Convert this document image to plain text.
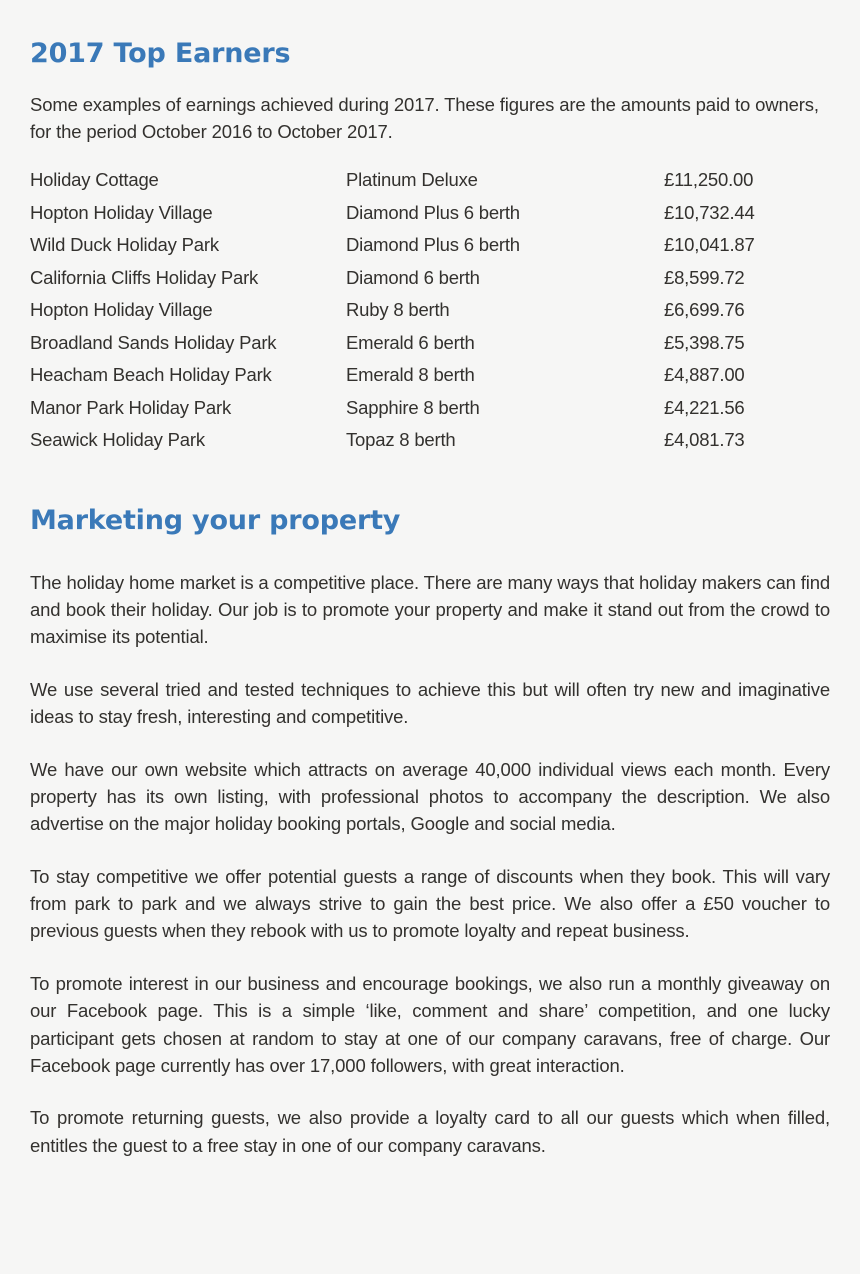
2017 Top Earners

Some examples of earnings achieved during 2017. These figures are the amounts paid to owners, for the period October 2016 to October 2017.

Holiday Cottage	Platinum Deluxe	£11,250.00
Hopton Holiday Village	Diamond Plus 6 berth	£10,732.44
Wild Duck Holiday Park	Diamond Plus 6 berth	£10,041.87
California Cliffs Holiday Park	Diamond 6 berth	£8,599.72
Hopton Holiday Village	Ruby 8 berth	£6,699.76
Broadland Sands Holiday Park	Emerald 6 berth	£5,398.75
Heacham Beach Holiday Park	Emerald 8 berth	£4,887.00
Manor Park Holiday Park	Sapphire 8 berth	£4,221.56
Seawick Holiday Park	Topaz 8 berth	£4,081.73
Marketing your property

The holiday home market is a competitive place. There are many ways that holiday makers can find and book their holiday. Our job is to promote your property and make it stand out from the crowd to maximise its potential.

We use several tried and tested techniques to achieve this but will often try new and imaginative ideas to stay fresh, interesting and competitive.

We have our own website which attracts on average 40,000 individual views each month. Every property has its own listing, with professional photos to accompany the description. We also advertise on the major holiday booking portals, Google and social media.

To stay competitive we offer potential guests a range of discounts when they book. This will vary from park to park and we always strive to gain the best price. We also offer a £50 voucher to previous guests when they rebook with us to promote loyalty and repeat business.

To promote interest in our business and encourage bookings, we also run a monthly giveaway on our Facebook page. This is a simple ‘like, comment and share’ competition, and one lucky participant gets chosen at random to stay at one of our company caravans, free of charge. Our Facebook page currently has over 17,000 followers, with great interaction.

To promote returning guests, we also provide a loyalty card to all our guests which when filled, entitles the guest to a free stay in one of our company caravans.
